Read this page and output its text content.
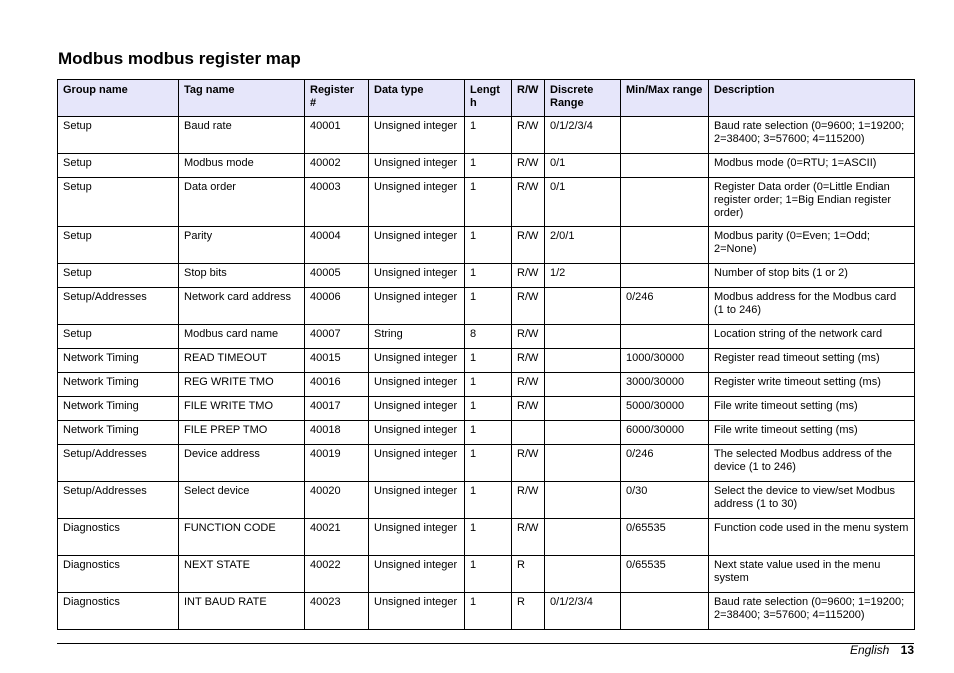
Modbus modbus register map
Group name	Tag name	Register #	Data type	Length	R/W	Discrete Range	Min/Max range	Description
Setup	Baud rate	40001	Unsigned integer	1	R/W	0/1/2/3/4		Baud rate selection (0=9600; 1=19200; 2=38400; 3=57600; 4=115200)
Setup	Modbus mode	40002	Unsigned integer	1	R/W	0/1		Modbus mode (0=RTU; 1=ASCII)
Setup	Data order	40003	Unsigned integer	1	R/W	0/1		Register Data order (0=Little Endian register order; 1=Big Endian register order)
Setup	Parity	40004	Unsigned integer	1	R/W	2/0/1		Modbus parity (0=Even; 1=Odd; 2=None)
Setup	Stop bits	40005	Unsigned integer	1	R/W	1/2		Number of stop bits (1 or 2)
Setup/Addresses	Network card address	40006	Unsigned integer	1	R/W		0/246	Modbus address for the Modbus card (1 to 246)
Setup	Modbus card name	40007	String	8	R/W			Location string of the network card
Network Timing	READ TIMEOUT	40015	Unsigned integer	1	R/W		1000/30000	Register read timeout setting (ms)
Network Timing	REG WRITE TMO	40016	Unsigned integer	1	R/W		3000/30000	Register write timeout setting (ms)
Network Timing	FILE WRITE TMO	40017	Unsigned integer	1	R/W		5000/30000	File write timeout setting (ms)
Network Timing	FILE PREP TMO	40018	Unsigned integer	1			6000/30000	File write timeout setting (ms)
Setup/Addresses	Device address	40019	Unsigned integer	1	R/W		0/246	The selected Modbus address of the device (1 to 246)
Setup/Addresses	Select device	40020	Unsigned integer	1	R/W		0/30	Select the device to view/set Modbus address (1 to 30)
Diagnostics	FUNCTION CODE	40021	Unsigned integer	1	R/W		0/65535	Function code used in the menu system
Diagnostics	NEXT STATE	40022	Unsigned integer	1	R		0/65535	Next state value used in the menu system
Diagnostics	INT BAUD RATE	40023	Unsigned integer	1	R	0/1/2/3/4		Baud rate selection (0=9600; 1=19200; 2=38400; 3=57600; 4=115200)
English 13
